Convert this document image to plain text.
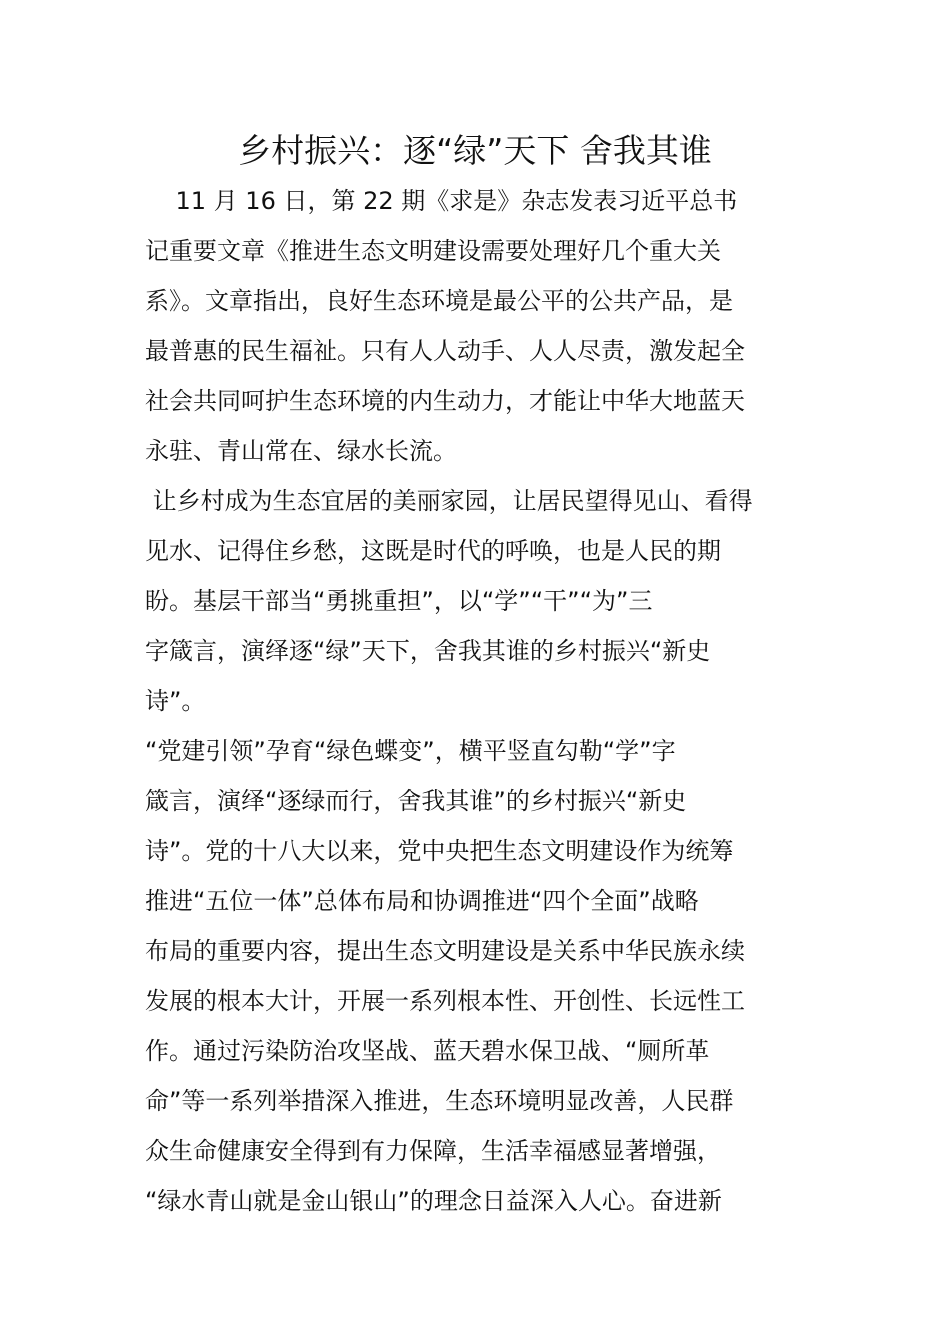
乡村振兴：逐“绿”天下 舍我其谁
11 月 16 日，第 22 期《求是》杂志发表习近平总书
记重要文章《推进生态文明建设需要处理好几个重大关
系》。文章指出，良好生态环境是最公平的公共产品，是
最普惠的民生福祉。只有人人动手、人人尽责，激发起全
社会共同呵护生态环境的内生动力，才能让中华大地蓝天
永驻、青山常在、绿水长流。
让乡村成为生态宜居的美丽家园，让居民望得见山、看得
见水、记得住乡愁，这既是时代的呼唤，也是人民的期
盼。基层干部当“勇挑重担”，以“学”“干”“为”三
字箴言，演绎逐“绿”天下，舍我其谁的乡村振兴“新史
诗”。
“党建引领”孕育“绿色蝶变”，横平竖直勾勒“学”字
箴言，演绎“逐绿而行，舍我其谁”的乡村振兴“新史
诗”。党的十八大以来，党中央把生态文明建设作为统筹
推进“五位一体”总体布局和协调推进“四个全面”战略
布局的重要内容，提出生态文明建设是关系中华民族永续
发展的根本大计，开展一系列根本性、开创性、长远性工
作。通过污染防治攻坚战、蓝天碧水保卫战、“厕所革
命”等一系列举措深入推进，生态环境明显改善，人民群
众生命健康安全得到有力保障，生活幸福感显著增强，
“绿水青山就是金山银山”的理念日益深入人心。奋进新
